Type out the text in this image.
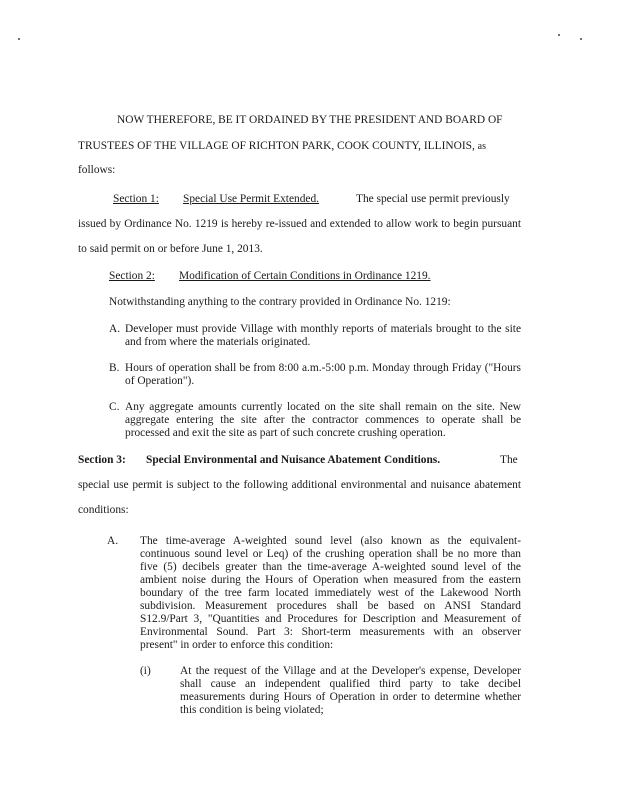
NOW THEREFORE, BE IT ORDAINED BY THE PRESIDENT AND BOARD OF
TRUSTEES OF THE VILLAGE OF RICHTON PARK, COOK COUNTY, ILLINOIS, as
follows:
Section 1: Special Use Permit Extended.	The special use permit previously
issued by Ordinance No. 1219 is hereby re-issued and extended to allow work to begin pursuant
to said permit on or before June 1, 2013.
Section 2: Modification of Certain Conditions in Ordinance 1219.
Notwithstanding anything to the contrary provided in Ordinance No. 1219:
A. Developer must provide Village with monthly reports of materials brought to the site
and from where the materials originated.
B. Hours of operation shall be from 8:00 a.m.-5:00 p.m. Monday through Friday ("Hours
of Operation").
C. Any aggregate amounts currently located on the site shall remain on the site. New
aggregate entering the site after the contractor commences to operate shall be
processed and exit the site as part of such concrete crushing operation.
Section 3: Special Environmental and Nuisance Abatement Conditions.	The
special use permit is subject to the following additional environmental and nuisance abatement
conditions:
A. The time-average A-weighted sound level (also known as the equivalent-
continuous sound level or Leq) of the crushing operation shall be no more than
five (5) decibels greater than the time-average A-weighted sound level of the
ambient noise during the Hours of Operation when measured from the eastern
boundary of the tree farm located immediately west of the Lakewood North
subdivision. Measurement procedures shall be based on ANSI Standard
S12.9/Part 3, "Quantities and Procedures for Description and Measurement of
Environmental Sound. Part 3: Short-term measurements with an observer
present" in order to enforce this condition:
(i)	At the request of the Village and at the Developer's expense, Developer
shall cause an independent qualified third party to take decibel
measurements during Hours of Operation in order to determine whether
this condition is being violated;
